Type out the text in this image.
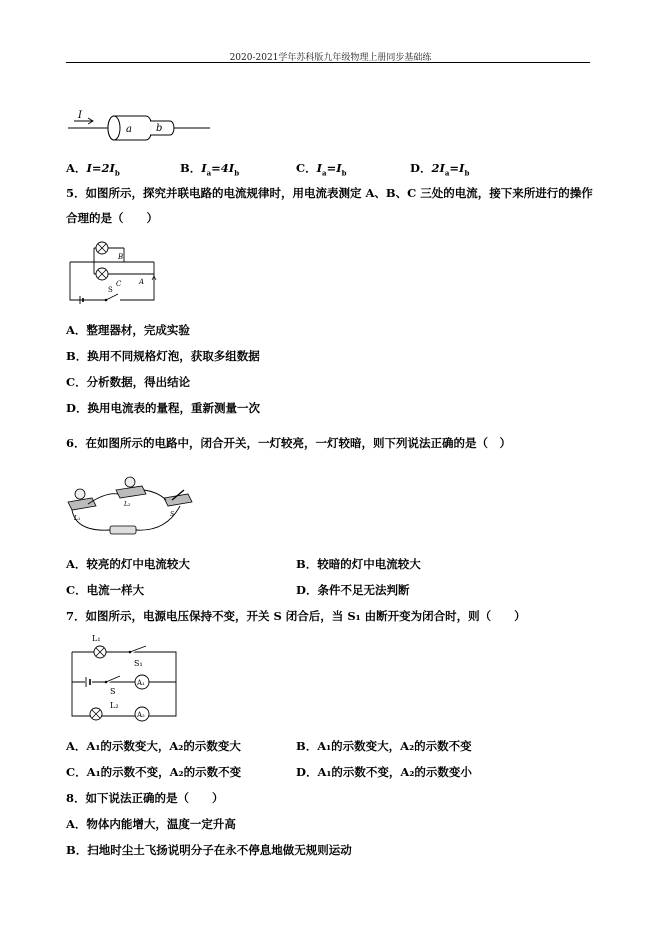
2020-2021学年苏科版九年级物理上册同步基础练
I
a b
A．$I=2I_b$	B．$I_a=4I_b$	C．$I_a=I_b$	D．$2I_a=I_b$
5．如图所示，探究并联电路的电流规律时，用电流表测定 A、B、C 三处的电流，接下来所进行的操作
合理的是（　　）
B
C	A
S
A．整理器材，完成实验
B．换用不同规格灯泡，获取多组数据
C．分析数据，得出结论
D．换用电流表的量程，重新测量一次
6．在如图所示的电路中，闭合开关，一灯较亮，一灯较暗，则下列说法正确的是（　）
L₁
L₂
S
A．较亮的灯中电流较大	B．较暗的灯中电流较大
C．电流一样大	D．条件不足无法判断
7．如图所示，电源电压保持不变，开关 S 闭合后，当 S₁ 由断开变为闭合时，则（　　）
L₁
S₁
S
A₁
L₂
A₂
A．A₁的示数变大，A₂的示数变大	B．A₁的示数变大，A₂的示数不变
C．A₁的示数不变，A₂的示数不变	D．A₁的示数不变，A₂的示数变小
8．如下说法正确的是（　　）
A．物体内能增大，温度一定升高
B．扫地时尘土飞扬说明分子在永不停息地做无规则运动
